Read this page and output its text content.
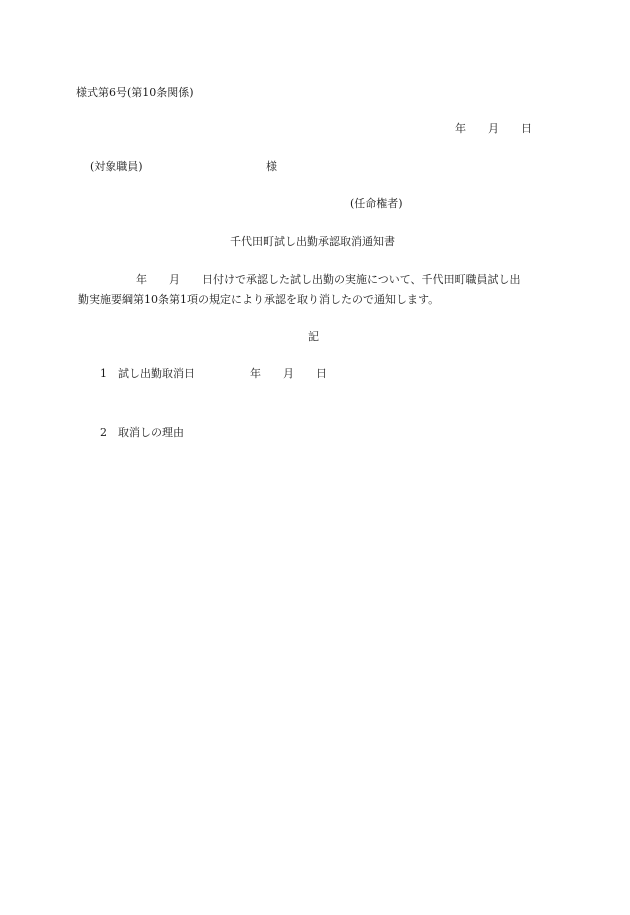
様式第6号(第10条関係)
年　　月　　日
(対象職員)	様
(任命権者)
千代田町試し出勤承認取消通知書
年　　月　　日付けで承認した試し出勤の実施について、千代田町職員試し出
勤実施要綱第10条第1項の規定により承認を取り消したので通知します。
記
1　試し出勤取消日　　　　　年　　月　　日
2　取消しの理由
